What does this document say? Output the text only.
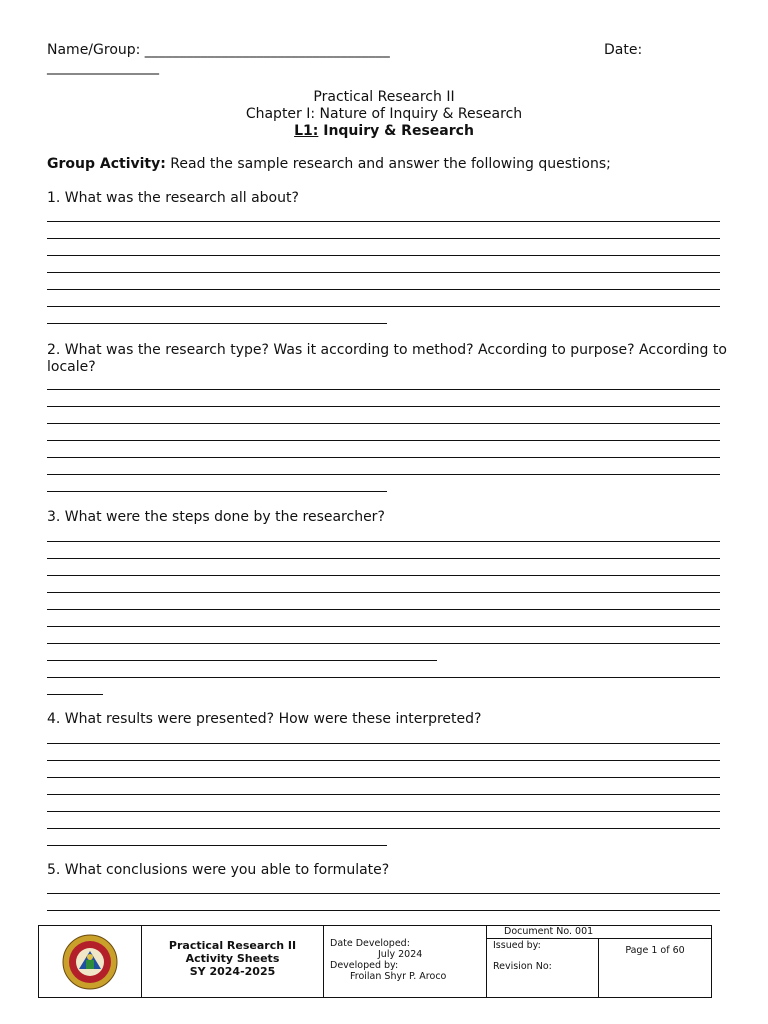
Name/Group: ___________________________________	Date:
________________
Practical Research II
Chapter I: Nature of Inquiry & Research
L1: Inquiry & Research
Group Activity: Read the sample research and answer the following questions;
1. What was the research all about?
2. What was the research type? Was it according to method? According to purpose? According to locale?
3. What were the steps done by the researcher?
4. What results were presented? How were these interpreted?
5. What conclusions were you able to formulate?
Practical Research II
Activity Sheets
SY 2024-2025
Date Developed:
July 2024
Developed by:
Froilan Shyr P. Aroco
Document No. 001
Issued by:
Revision No:
Page 1 of 60
